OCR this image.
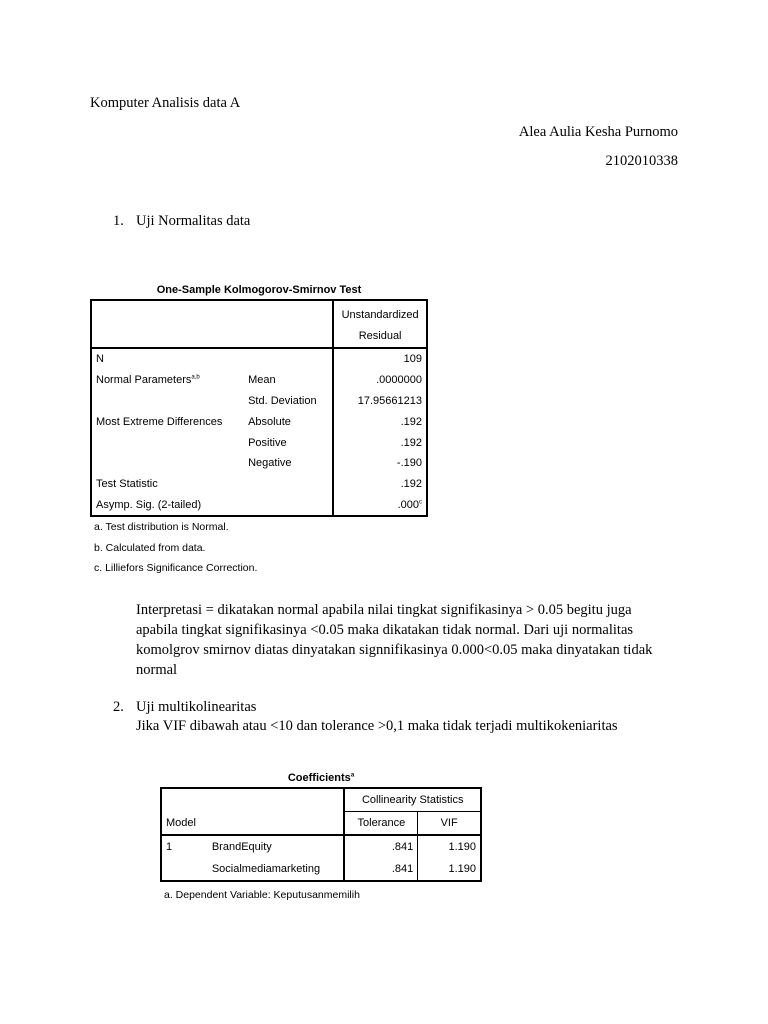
Komputer Analisis data A
Alea Aulia Kesha Purnomo
2102010338
1. Uji Normalitas data
One-Sample Kolmogorov-Smirnov Test
		Unstandardized
Residual
N		109
Normal Parameters$^{a,b}$	Mean	.0000000
	Std. Deviation	17.95661213
Most Extreme Differences	Absolute	.192
	Positive	.192
	Negative	-.190
Test Statistic		.192
Asymp. Sig. (2-tailed)		.000$^c$
a. Test distribution is Normal.
b. Calculated from data.
c. Lilliefors Significance Correction.
Interpretasi = dikatakan normal apabila nilai tingkat signifikasinya > 0.05 begitu juga
apabila tingkat signifikasinya <0.05 maka dikatakan tidak normal. Dari uji normalitas
komolgrov smirnov diatas dinyatakan signnifikasinya 0.000<0.05 maka dinyatakan tidak
normal
2. Uji multikolinearitas
Jika VIF dibawah atau <10 dan tolerance >0,1 maka tidak terjadi multikokeniaritas
Coefficients$^a$
		Collinearity Statistics	
Model		Tolerance	VIF
1	BrandEquity	.841	1.190
	Socialmediamarketing	.841	1.190
a. Dependent Variable: Keputusanmemilih
